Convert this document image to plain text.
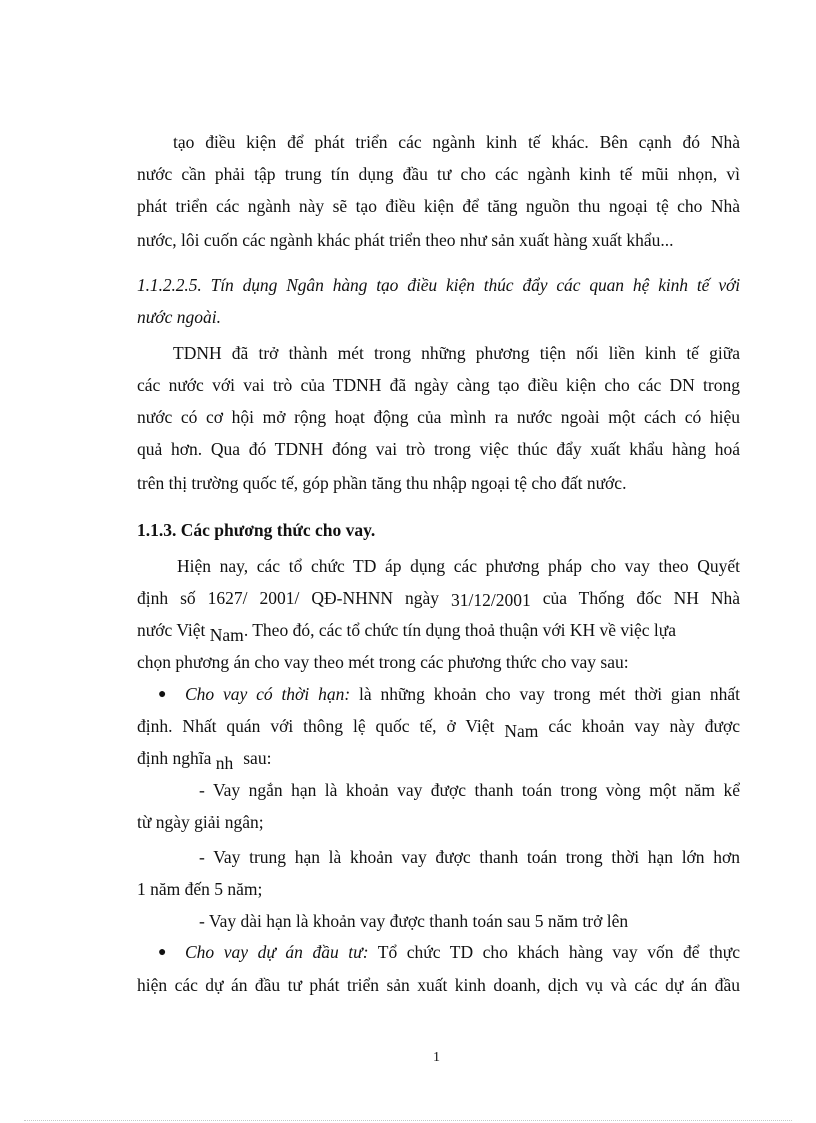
tạo điều kiện để phát triển các ngành kinh tế khác. Bên cạnh đó Nhà

nước cần phải tập trung tín dụng đầu tư cho các ngành kinh tế mũi nhọn, vì

phát triển các ngành này sẽ tạo điều kiện để tăng nguồn thu ngoại tệ cho Nhà

nước, lôi cuốn các ngành khác phát triển theo như sản xuất hàng xuất khẩu...

1.1.2.2.5. Tín dụng Ngân hàng tạo điều kiện thúc đẩy các quan hệ kinh tế với

nước ngoài.

TDNH đã trở thành mét trong những phương tiện nối liền kinh tế giữa

các nước với vai trò của TDNH đã ngày càng tạo điều kiện cho các DN trong

nước có cơ hội mở rộng hoạt động của mình ra nước ngoài một cách có hiệu

quả hơn. Qua đó TDNH đóng vai trò trong việc thúc đẩy xuất khẩu hàng hoá

trên thị trường quốc tế, góp phần tăng thu nhập ngoại tệ cho đất nước.

1.1.3. Các phương thức cho vay.

Hiện nay, các tổ chức TD áp dụng các phương pháp cho vay theo Quyết

định số 1627/ 2001/ QĐ-NHNN ngày 31/12/2001 của Thống đốc NH Nhà

nước Việt Nam. Theo đó, các tổ chức tín dụng thoả thuận với KH về việc lựa

chọn phương án cho vay theo mét trong các phương thức cho vay sau:

● Cho vay có thời hạn: là những khoản cho vay trong mét thời gian nhất

định. Nhất quán với thông lệ quốc tế, ở Việt Nam các khoản vay này được

định nghĩa nh sau:

- Vay ngắn hạn là khoản vay được thanh toán trong vòng một năm kể

từ ngày giải ngân;

- Vay trung hạn là khoản vay được thanh toán trong thời hạn lớn hơn

1 năm đến 5 năm;

- Vay dài hạn là khoản vay được thanh toán sau 5 năm trở lên

● Cho vay dự án đầu tư: Tổ chức TD cho khách hàng vay vốn để thực

hiện các dự án đầu tư phát triển sản xuất kinh doanh, dịch vụ và các dự án đầu

1
